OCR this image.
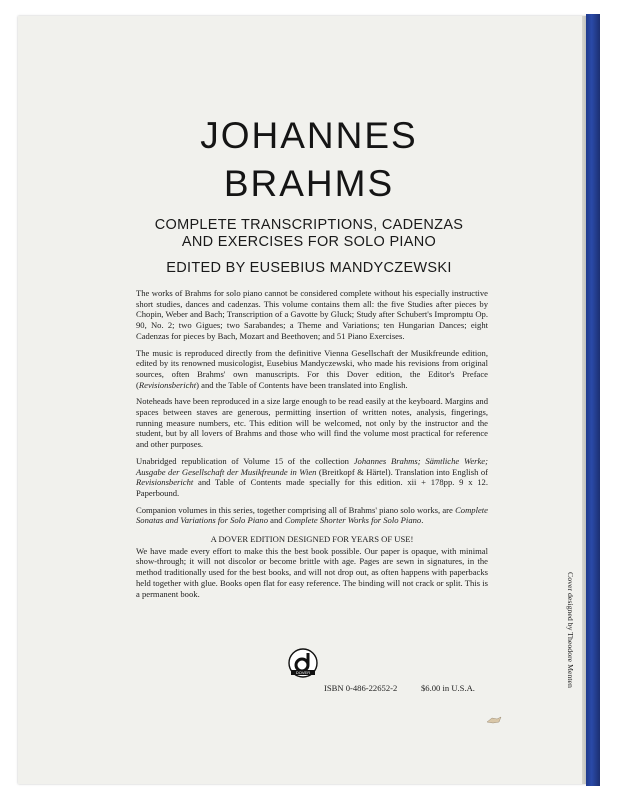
JOHANNES
BRAHMS
COMPLETE TRANSCRIPTIONS, CADENZAS
AND EXERCISES FOR SOLO PIANO
EDITED BY EUSEBIUS MANDYCZEWSKI

The works of Brahms for solo piano cannot be considered complete without his especially instructive short studies, dances and cadenzas. This volume contains them all: the five Studies after pieces by Chopin, Weber and Bach; Transcription of a Gavotte by Gluck; Study after Schubert's Impromptu Op. 90, No. 2; two Gigues; two Sarabandes; a Theme and Variations; ten Hungarian Dances; eight Cadenzas for pieces by Bach, Mozart and Beethoven; and 51 Piano Exercises.

The music is reproduced directly from the definitive Vienna Gesellschaft der Musikfreunde edition, edited by its renowned musicologist, Eusebius Mandyczewski, who made his revisions from original sources, often Brahms' own manuscripts. For this Dover edition, the Editor's Preface (Revisionsbericht) and the Table of Contents have been translated into English.

Noteheads have been reproduced in a size large enough to be read easily at the keyboard. Margins and spaces between staves are generous, permitting insertion of written notes, analysis, fingerings, running measure numbers, etc. This edition will be welcomed, not only by the instructor and the student, but by all lovers of Brahms and those who will find the volume most practical for reference and other purposes.

Unabridged republication of Volume 15 of the collection Johannes Brahms; Sämtliche Werke; Ausgabe der Gesellschaft der Musikfreunde in Wien (Breitkopf & Härtel). Translation into English of Revisionsbericht and Table of Contents made specially for this edition. xii + 178pp. 9 x 12. Paperbound.

Companion volumes in this series, together comprising all of Brahms' piano solo works, are Complete Sonatas and Variations for Solo Piano and Complete Shorter Works for Solo Piano.

A DOVER EDITION DESIGNED FOR YEARS OF USE!

We have made every effort to make this the best book possible. Our paper is opaque, with minimal show-through; it will not discolor or become brittle with age. Pages are sewn in signatures, in the method traditionally used for the best books, and will not drop out, as often happens with paperbacks held together with glue. Books open flat for easy reference. The binding will not crack or split. This is a permanent book.

DOVER
ISBN 0-486-22652-2	$6.00 in U.S.A.
Cover designed by Theodore Menten
